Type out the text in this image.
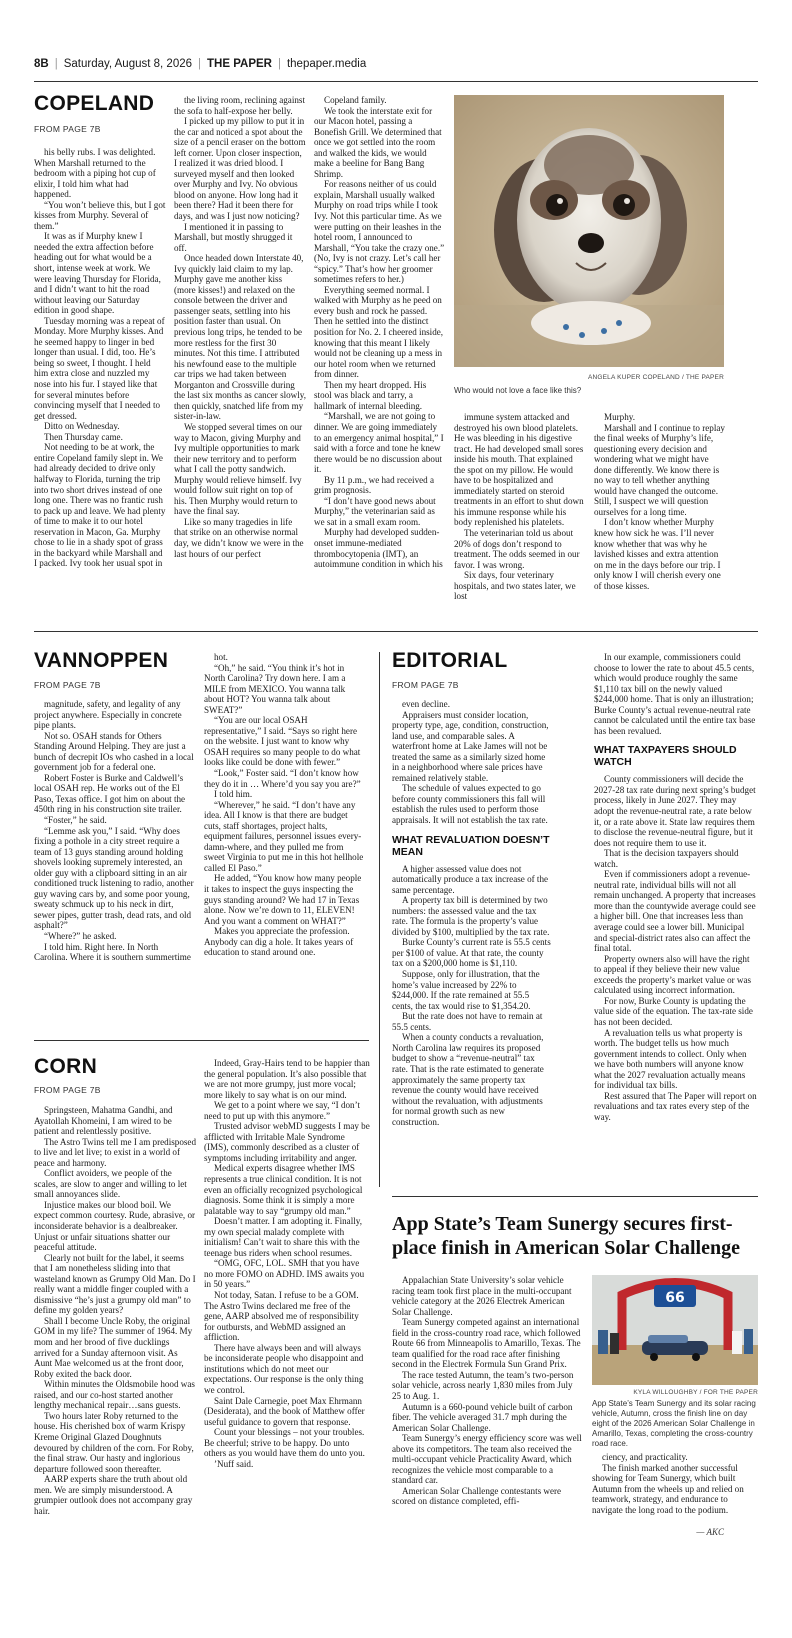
8B | Saturday, August 8, 2026 | THE PAPER | thepaper.media
COPELAND
FROM PAGE 7B

his belly rubs. I was delighted. When Marshall returned to the bedroom with a piping hot cup of elixir, I told him what had happened.

“You won’t believe this, but I got kisses from Murphy. Several of them.”

It was as if Murphy knew I needed the extra affection before heading out for what would be a short, intense week at work. We were leaving Thursday for Florida, and I didn’t want to hit the road without leaving our Saturday edition in good shape.

Tuesday morning was a repeat of Monday. More Murphy kisses. And he seemed happy to linger in bed longer than usual. I did, too. He’s being so sweet, I thought. I held him extra close and nuzzled my nose into his fur. I stayed like that for several minutes before convincing myself that I needed to get dressed.

Ditto on Wednesday.

Then Thursday came.

Not needing to be at work, the entire Copeland family slept in. We had already decided to drive only halfway to Florida, turning the trip into two short drives instead of one long one. There was no frantic rush to pack up and leave. We had plenty of time to make it to our hotel reservation in Macon, Ga. Murphy chose to lie in a shady spot of grass in the backyard while Marshall and I packed. Ivy took her usual spot in

the living room, reclining against the sofa to half-expose her belly.

I picked up my pillow to put it in the car and noticed a spot about the size of a pencil eraser on the bottom left corner. Upon closer inspection, I realized it was dried blood. I surveyed myself and then looked over Murphy and Ivy. No obvious blood on anyone. How long had it been there? Had it been there for days, and was I just now noticing?

I mentioned it in passing to Marshall, but mostly shrugged it off.

Once headed down Interstate 40, Ivy quickly laid claim to my lap. Murphy gave me another kiss (more kisses!) and relaxed on the console between the driver and passenger seats, settling into his position faster than usual. On previous long trips, he tended to be more restless for the first 30 minutes. Not this time. I attributed his newfound ease to the multiple car trips we had taken between Morganton and Crossville during the last six months as cancer slowly, then quickly, snatched life from my sister-in-law.

We stopped several times on our way to Macon, giving Murphy and Ivy multiple opportunities to mark their new territory and to perform what I call the potty sandwich. Murphy would relieve himself. Ivy would follow suit right on top of his. Then Murphy would return to have the final say.

Like so many tragedies in life that strike on an otherwise normal day, we didn’t know we were in the last hours of our perfect

Copeland family.

We took the interstate exit for our Macon hotel, passing a Bonefish Grill. We determined that once we got settled into the room and walked the kids, we would make a beeline for Bang Bang Shrimp.

For reasons neither of us could explain, Marshall usually walked Murphy on road trips while I took Ivy. Not this particular time. As we were putting on their leashes in the hotel room, I announced to Marshall, “You take the crazy one.” (No, Ivy is not crazy. Let’s call her “spicy.” That’s how her groomer sometimes refers to her.)

Everything seemed normal. I walked with Murphy as he peed on every bush and rock he passed. Then he settled into the distinct position for No. 2. I cheered inside, knowing that this meant I likely would not be cleaning up a mess in our hotel room when we returned from dinner.

Then my heart dropped. His stool was black and tarry, a hallmark of internal bleeding.

“Marshall, we are not going to dinner. We are going immediately to an emergency animal hospital,” I said with a force and tone he knew there would be no discussion about it.

By 11 p.m., we had received a grim prognosis.

“I don’t have good news about Murphy,” the veterinarian said as we sat in a small exam room.

Murphy had developed sudden-onset immune-mediated thrombocytopenia (IMT), an autoimmune condition in which his

ANGELA KUPER COPELAND / THE PAPER
Who would not love a face like this?

immune system attacked and destroyed his own blood platelets. He was bleeding in his digestive tract. He had developed small sores inside his mouth. That explained the spot on my pillow. He would have to be hospitalized and immediately started on steroid treatments in an effort to shut down his immune response while his body replenished his platelets.

The veterinarian told us about 20% of dogs don’t respond to treatment. The odds seemed in our favor. I was wrong.

Six days, four veterinary hospitals, and two states later, we lost

Murphy.

Marshall and I continue to replay the final weeks of Murphy’s life, questioning every decision and wondering what we might have done differently. We know there is no way to tell whether anything would have changed the outcome. Still, I suspect we will question ourselves for a long time.

I don’t know whether Murphy knew how sick he was. I’ll never know whether that was why he lavished kisses and extra attention on me in the days before our trip. I only know I will cherish every one of those kisses.

VANNOPPEN
FROM PAGE 7B

magnitude, safety, and legality of any project anywhere. Especially in concrete pipe plants.

Not so. OSAH stands for Others Standing Around Helping. They are just a bunch of decrepit IOs who cashed in a local government job for a federal one.

Robert Foster is Burke and Caldwell’s local OSAH rep. He works out of the El Paso, Texas office. I got him on about the 450th ring in his construction site trailer.

“Foster,” he said.

“Lemme ask you,” I said. “Why does fixing a pothole in a city street require a team of 13 guys standing around holding shovels looking supremely interested, an older guy with a clipboard sitting in an air conditioned truck listening to radio, another guy waving cars by, and some poor young, sweaty schmuck up to his neck in dirt, sewer pipes, gutter trash, dead rats, and old asphalt?”

“Where?” he asked.

I told him. Right here. In North Carolina. Where it is southern summertime

hot.

“Oh,” he said. “You think it’s hot in North Carolina? Try down here. I am a MILE from MEXICO. You wanna talk about HOT? You wanna talk about SWEAT?”

“You are our local OSAH representative,” I said. “Says so right here on the website. I just want to know why OSAH requires so many people to do what looks like could be done with fewer.”

“Look,” Foster said. “I don’t know how they do it in … Where’d you say you are?”

I told him.

“Wherever,” he said. “I don’t have any idea. All I know is that there are budget cuts, staff shortages, project halts, equipment failures, personnel issues every-damn-where, and they pulled me from sweet Virginia to put me in this hot hellhole called El Paso.”

He added, “You know how many people it takes to inspect the guys inspecting the guys standing around? We had 17 in Texas alone. Now we’re down to 11, ELEVEN! And you want a comment on WHAT?”

Makes you appreciate the profession. Anybody can dig a hole. It takes years of education to stand around one.

CORN
FROM PAGE 7B

Springsteen, Mahatma Gandhi, and Ayatollah Khomeini, I am wired to be patient and relentlessly positive.

The Astro Twins tell me I am predisposed to live and let live; to exist in a world of peace and harmony.

Conflict avoiders, we people of the scales, are slow to anger and willing to let small annoyances slide.

Injustice makes our blood boil. We expect common courtesy. Rude, abrasive, or inconsiderate behavior is a dealbreaker. Unjust or unfair situations shatter our peaceful attitude.

Clearly not built for the label, it seems that I am nonetheless sliding into that wasteland known as Grumpy Old Man. Do I really want a middle finger coupled with a dismissive “he’s just a grumpy old man” to define my golden years?

Shall I become Uncle Roby, the original GOM in my life? The summer of 1964. My mom and her brood of five ducklings arrived for a Sunday afternoon visit. As Aunt Mae welcomed us at the front door, Roby exited the back door.

Within minutes the Oldsmobile hood was raised, and our co-host started another lengthy mechanical repair…sans guests.

Two hours later Roby returned to the house. His cherished box of warm Krispy Kreme Original Glazed Doughnuts devoured by children of the corn. For Roby, the final straw. Our hasty and inglorious departure followed soon thereafter.

AARP experts share the truth about old men. We are simply misunderstood. A grumpier outlook does not accompany gray hair.

Indeed, Gray-Hairs tend to be happier than the general population. It’s also possible that we are not more grumpy, just more vocal; more likely to say what is on our mind.

We get to a point where we say, “I don’t need to put up with this anymore.”

Trusted advisor webMD suggests I may be afflicted with Irritable Male Syndrome (IMS), commonly described as a cluster of symptoms including irritability and anger.

Medical experts disagree whether IMS represents a true clinical condition. It is not even an officially recognized psychological diagnosis. Some think it is simply a more palatable way to say “grumpy old man.”

Doesn’t matter. I am adopting it. Finally, my own special malady complete with initialism! Can’t wait to share this with the teenage bus riders when school resumes.

“OMG, OFC, LOL. SMH that you have no more FOMO on ADHD. IMS awaits you in 50 years.”

Not today, Satan. I refuse to be a GOM. The Astro Twins declared me free of the gene, AARP absolved me of responsibility for outbursts, and WebMD assigned an affliction.

There have always been and will always be inconsiderate people who disappoint and institutions which do not meet our expectations. Our response is the only thing we control.

Saint Dale Carnegie, poet Max Ehrmann (Desiderata), and the book of Matthew offer useful guidance to govern that response.

Count your blessings – not your troubles. Be cheerful; strive to be happy. Do unto others as you would have them do unto you.

’Nuff said.

EDITORIAL
FROM PAGE 7B

even decline.

Appraisers must consider location, property type, age, condition, construction, land use, and comparable sales. A waterfront home at Lake James will not be treated the same as a similarly sized home in a neighborhood where sale prices have remained relatively stable.

The schedule of values expected to go before county commissioners this fall will establish the rules used to perform those appraisals. It will not establish the tax rate.

WHAT REVALUATION DOESN’T MEAN

A higher assessed value does not automatically produce a tax increase of the same percentage.

A property tax bill is determined by two numbers: the assessed value and the tax rate. The formula is the property’s value divided by $100, multiplied by the tax rate.

Burke County’s current rate is 55.5 cents per $100 of value. At that rate, the county tax on a $200,000 home is $1,110.

Suppose, only for illustration, that the home’s value increased by 22% to $244,000. If the rate remained at 55.5 cents, the tax would rise to $1,354.20.

But the rate does not have to remain at 55.5 cents.

When a county conducts a revaluation, North Carolina law requires its proposed budget to show a “revenue-neutral” tax rate. That is the rate estimated to generate approximately the same property tax revenue the county would have received without the revaluation, with adjustments for normal growth such as new construction.

In our example, commissioners could choose to lower the rate to about 45.5 cents, which would produce roughly the same $1,110 tax bill on the newly valued $244,000 home. That is only an illustration; Burke County’s actual revenue-neutral rate cannot be calculated until the entire tax base has been revalued.

WHAT TAXPAYERS SHOULD WATCH

County commissioners will decide the 2027-28 tax rate during next spring’s budget process, likely in June 2027. They may adopt the revenue-neutral rate, a rate below it, or a rate above it. State law requires them to disclose the revenue-neutral figure, but it does not require them to use it.

That is the decision taxpayers should watch.

Even if commissioners adopt a revenue-neutral rate, individual bills will not all remain unchanged. A property that increases more than the countywide average could see a higher bill. One that increases less than average could see a lower bill. Municipal and special-district rates also can affect the final total.

Property owners also will have the right to appeal if they believe their new value exceeds the property’s market value or was calculated using incorrect information.

For now, Burke County is updating the value side of the equation. The tax-rate side has not been decided.

A revaluation tells us what property is worth. The budget tells us how much government intends to collect. Only when we have both numbers will anyone know what the 2027 revaluation actually means for individual tax bills.

Rest assured that The Paper will report on revaluations and tax rates every step of the way.

App State’s Team Sunergy secures first-place finish in American Solar Challenge

Appalachian State University’s solar vehicle racing team took first place in the multi-occupant vehicle category at the 2026 Electrek American Solar Challenge.

Team Sunergy competed against an international field in the cross-country road race, which followed Route 66 from Minneapolis to Amarillo, Texas. The team qualified for the road race after finishing second in the Electrek Formula Sun Grand Prix.

The race tested Autumn, the team’s two-person solar vehicle, across nearly 1,830 miles from July 25 to Aug. 1.

Autumn is a 660-pound vehicle built of carbon fiber. The vehicle averaged 31.7 mph during the American Solar Challenge.

Team Sunergy’s energy efficiency score was well above its competitors. The team also received the multi-occupant vehicle Practicality Award, which recognizes the vehicle most comparable to a standard car.

American Solar Challenge contestants were scored on distance completed, effi-

66
KYLA WILLOUGHBY / FOR THE PAPER
App State’s Team Sunergy and its solar racing vehicle, Autumn, cross the finish line on day eight of the 2026 American Solar Challenge in Amarillo, Texas, completing the cross-country road race.

ciency, and practicality.

The finish marked another successful showing for Team Sunergy, which built Autumn from the wheels up and relied on teamwork, strategy, and endurance to navigate the long road to the podium.

— AKC
